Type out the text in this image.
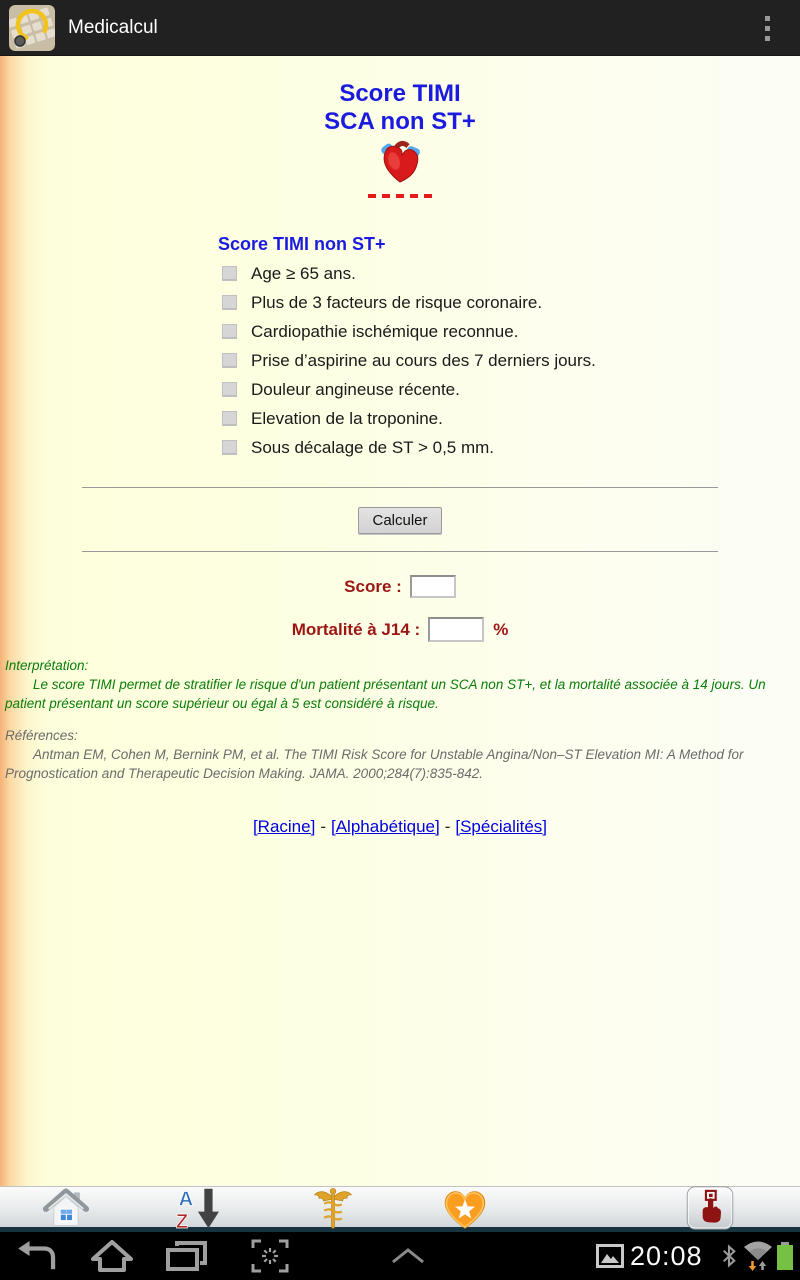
Medicalcul
Score TIMI
SCA non ST+
Score TIMI non ST+
Age ≥ 65 ans.
Plus de 3 facteurs de risque coronaire.
Cardiopathie ischémique reconnue.
Prise d’aspirine au cours des 7 derniers jours.
Douleur angineuse récente.
Elevation de la troponine.
Sous décalage de ST > 0,5 mm.
Calculer
Score :
Mortalité à J14 :	%
Interprétation:
Le score TIMI permet de stratifier le risque d'un patient présentant un SCA non ST+, et la mortalité associée à 14 jours. Un patient présentant un score supérieur ou égal à 5 est considéré à risque.
Références:
Antman EM, Cohen M, Bernink PM, et al. The TIMI Risk Score for Unstable Angina/Non–ST Elevation MI: A Method for Prognostication and Therapeutic Decision Making. JAMA. 2000;284(7):835-842.
[Racine] - [Alphabétique] - [Spécialités]
A
Z
20:08
